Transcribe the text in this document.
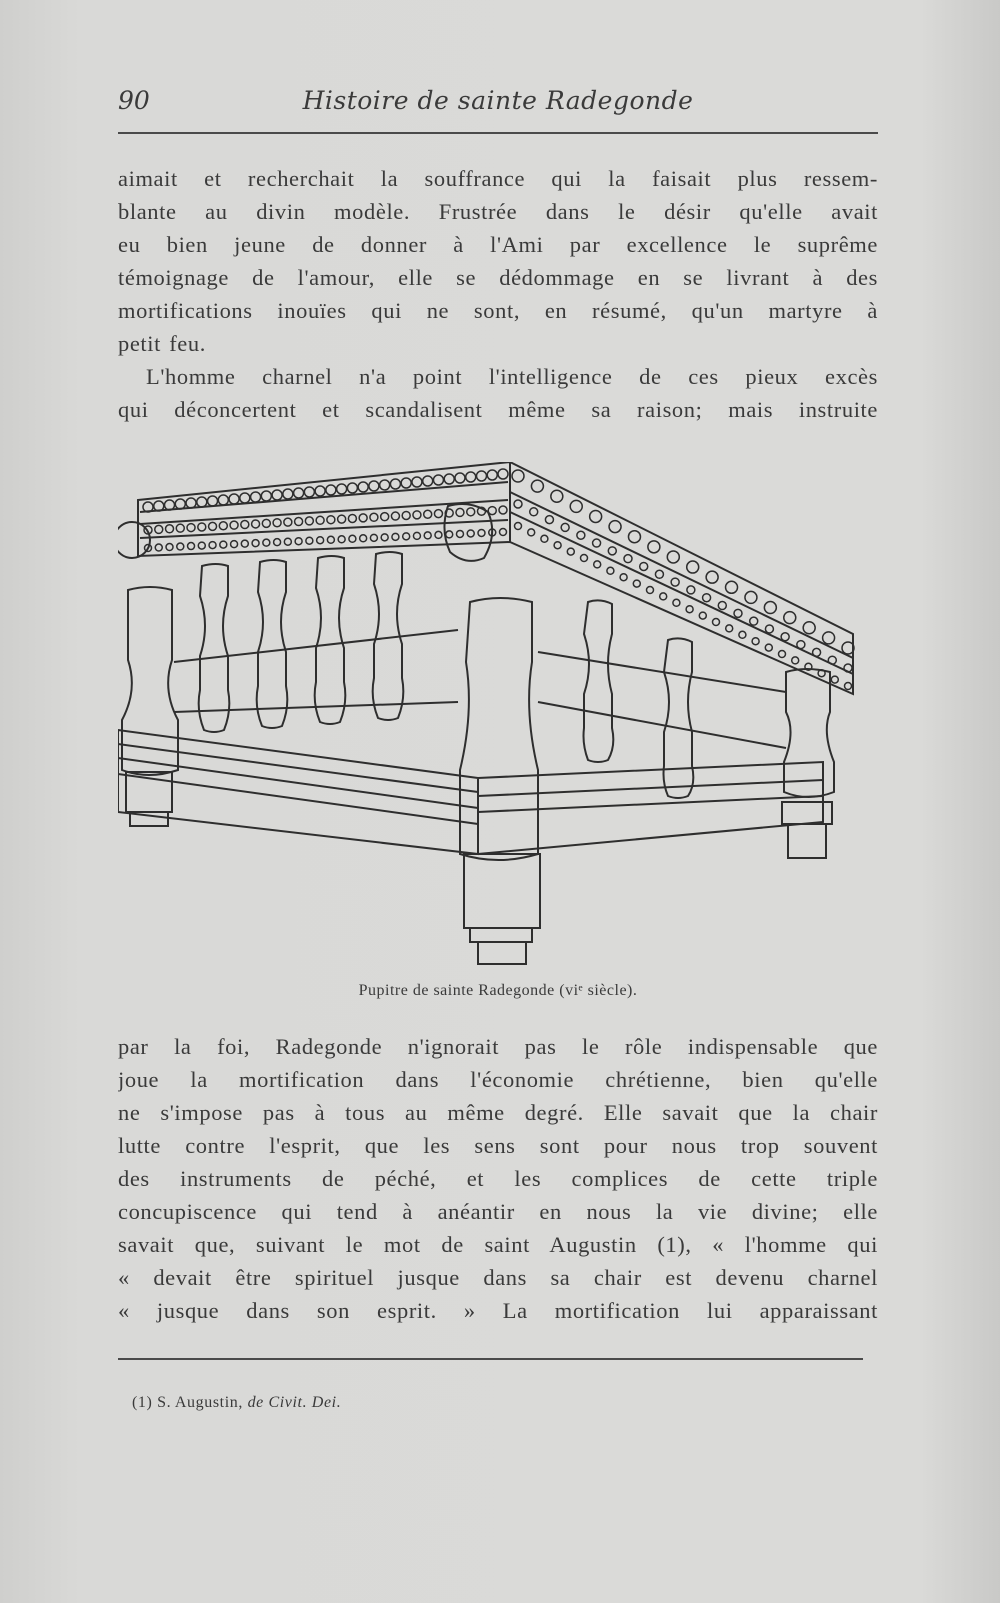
90	Histoire de sainte Radegonde
aimait et recherchait la souffrance qui la faisait plus ressem-
blante au divin modèle. Frustrée dans le désir qu'elle avait
eu bien jeune de donner à l'Ami par excellence le suprême
témoignage de l'amour, elle se dédommage en se livrant à des
mortifications inouïes qui ne sont, en résumé, qu'un martyre à
petit feu.
L'homme charnel n'a point l'intelligence de ces pieux excès
qui déconcertent et scandalisent même sa raison; mais instruite
Pupitre de sainte Radegonde (viᵉ siècle).
par la foi, Radegonde n'ignorait pas le rôle indispensable que
joue la mortification dans l'économie chrétienne, bien qu'elle
ne s'impose pas à tous au même degré. Elle savait que la chair
lutte contre l'esprit, que les sens sont pour nous trop souvent
des instruments de péché, et les complices de cette triple
concupiscence qui tend à anéantir en nous la vie divine; elle
savait que, suivant le mot de saint Augustin (1), « l'homme qui
« devait être spirituel jusque dans sa chair est devenu charnel
« jusque dans son esprit. » La mortification lui apparaissant
(1) S. Augustin, de Civit. Dei.
